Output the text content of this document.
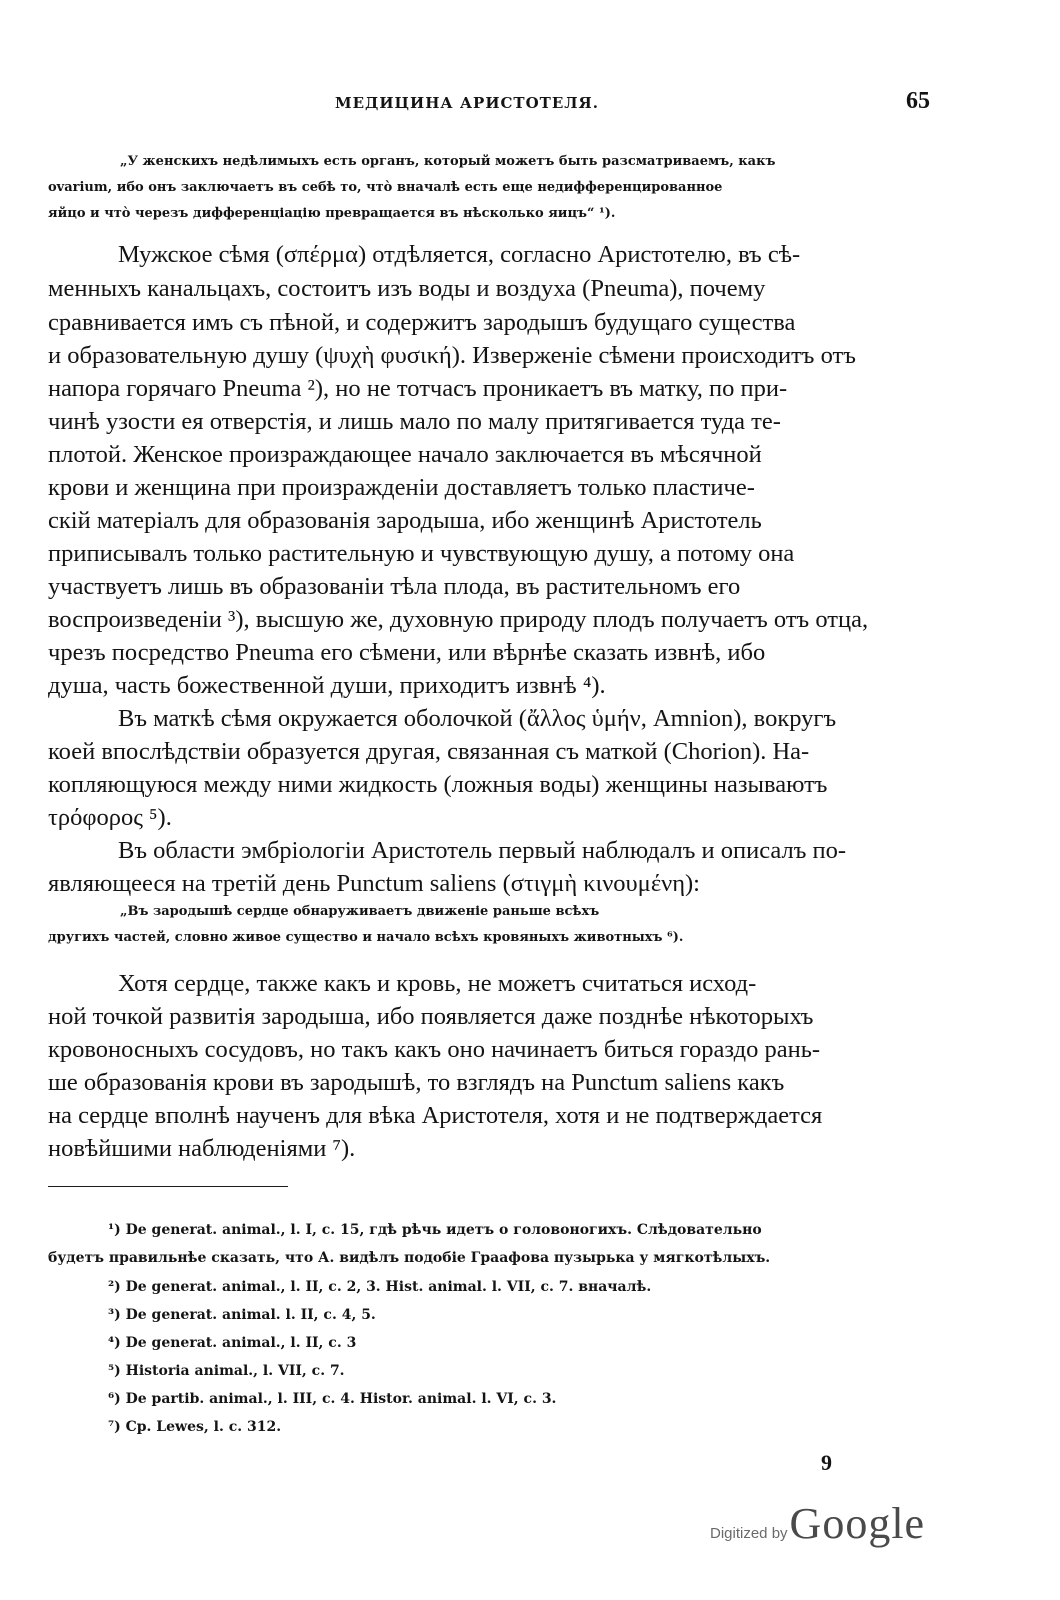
МЕДИЦИНА АРИСТОТЕЛЯ.	65
„У женскихъ недѣлимыхъ есть органъ, который можетъ быть разсматриваемъ, какъ
ovarium, ибо онъ заключаетъ въ себѣ то, чтò вначалѣ есть еще недифференцированное
яйцо и чтò черезъ дифференціацію превращается въ нѣсколько яицъ“ ¹).
Мужское сѣмя (σπέρμα) отдѣляется, согласно Аристотелю, въ сѣ-
менныхъ канальцахъ, состоитъ изъ воды и воздуха (Pneuma), почему
сравнивается имъ съ пѣной, и содержитъ зародышъ будущаго существа
и образовательную душу (ψυχὴ φυσική). Изверженіе сѣмени происходитъ отъ
напора горячаго Pneuma ²), но не тотчасъ проникаетъ въ матку, по при-
чинѣ узости ея отверстія, и лишь мало по малу притягивается туда те-
плотой. Женское произраждающее начало заключается въ мѣсячной
крови и женщина при произражденіи доставляетъ только пластиче-
скій матеріалъ для образованія зародыша, ибо женщинѣ Аристотель
приписывалъ только растительную и чувствующую душу, а потому она
участвуетъ лишь въ образованіи тѣла плода, въ растительномъ его
воспроизведеніи ³), высшую же, духовную природу плодъ получаетъ отъ отца,
чрезъ посредство Pneuma его сѣмени, или вѣрнѣе сказать извнѣ, ибо
душа, часть божественной души, приходитъ извнѣ ⁴).
Въ маткѣ сѣмя окружается оболочкой (ἄλλος ὑμήν, Amnion), вокругъ
коей впослѣдствіи образуется другая, связанная съ маткой (Chorion). На-
копляющуюся между ними жидкость (ложныя воды) женщины называютъ
τρόφορος ⁵).
Въ области эмбріологіи Аристотель первый наблюдалъ и описалъ по-
являющееся на третій день Punctum saliens (στιγμὴ κινουμένη):
„Въ зародышѣ сердце обнаруживаетъ движеніе раньше всѣхъ
другихъ частей, словно живое существо и начало всѣхъ кровяныхъ животныхъ ⁶).
Хотя сердце, также какъ и кровь, не можетъ считаться исход-
ной точкой развитія зародыша, ибо появляется даже позднѣе нѣкоторыхъ
кровоносныхъ сосудовъ, но такъ какъ оно начинаетъ биться гораздо рань-
ше образованія крови въ зародышѣ, то взглядъ на Punctum saliens какъ
на сердце вполнѣ наученъ для вѣка Аристотеля, хотя и не подтверждается
новѣйшими наблюденіями ⁷).
¹) De generat. animal., l. I, c. 15, гдѣ рѣчь идетъ о головоногихъ. Слѣдовательно
будетъ правильнѣе сказать, что А. видѣлъ подобіе Граафова пузырька у мягкотѣлыхъ.
²) De generat. animal., l. II, c. 2, 3. Hist. animal. l. VII, c. 7. вначалѣ.
³) De generat. animal. l. II, c. 4, 5.
⁴) De generat. animal., l. II, c. 3
⁵) Historia animal., l. VII, c. 7.
⁶) De partib. animal., l. III, c. 4. Histor. animal. l. VI, c. 3.
⁷) Cp. Lewes, l. c. 312.
9
Digitized by Google
